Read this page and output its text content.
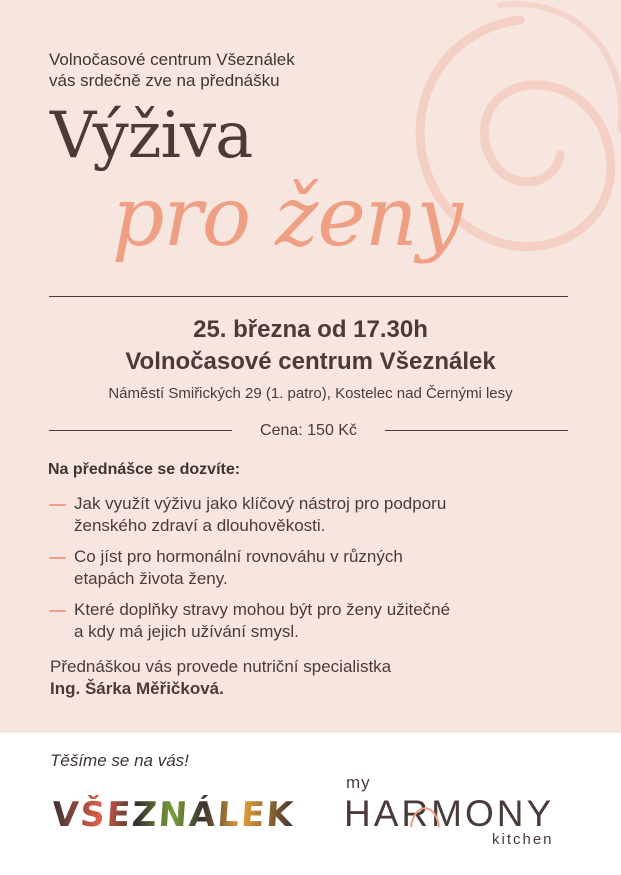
Volnočasové centrum Všeználek
vás srdečně zve na přednášku
Výživa
pro ženy
25. března od 17.30h
Volnočasové centrum Všeználek
Náměstí Smiřických 29 (1. patro), Kostelec nad Černými lesy
Cena: 150 Kč
Na přednášce se dozvíte:
Jak využít výživu jako klíčový nástroj pro podporu
ženského zdraví a dlouhověkosti.
Co jíst pro hormonální rovnováhu v různých
etapách života ženy.
Které doplňky stravy mohou být pro ženy užitečné
a kdy má jejich užívání smysl.
Přednáškou vás provede nutriční specialistka
Ing. Šárka Měřičková.
Těšíme se na vás!
VŠEZNÁLEK
my
HARMONY
kitchen
